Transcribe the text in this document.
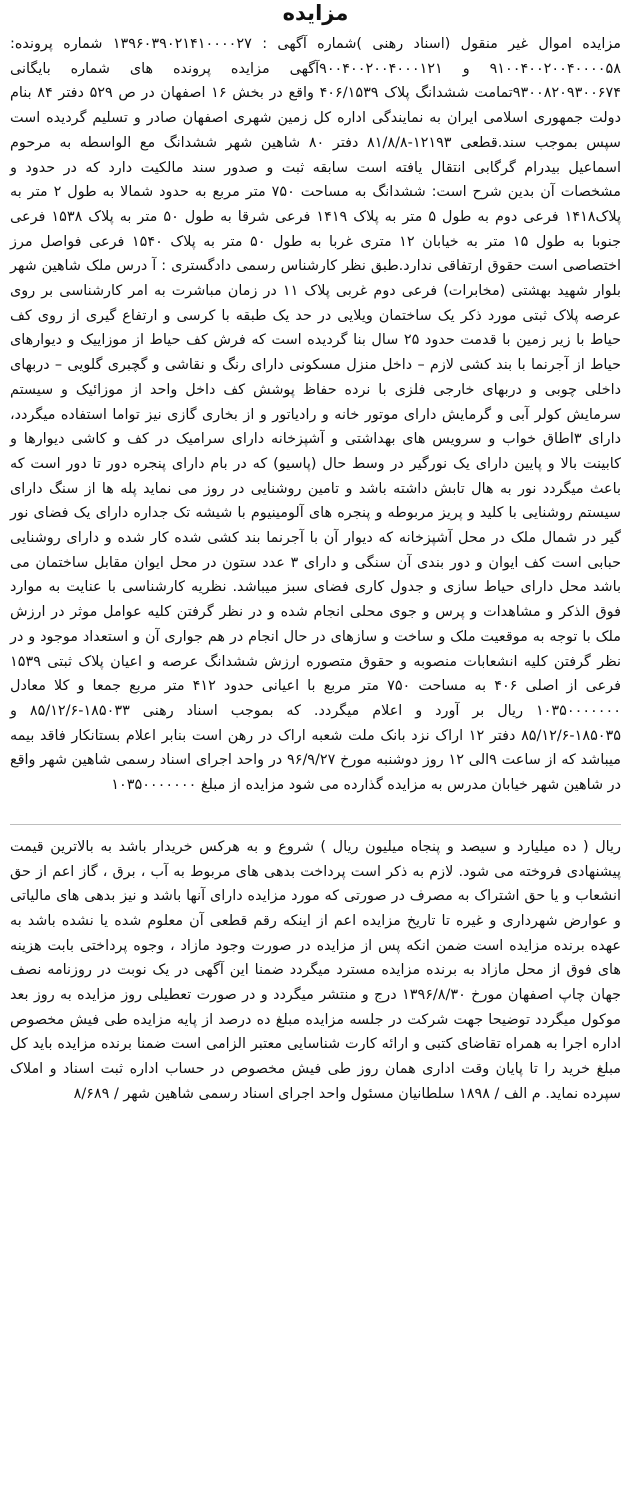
مزایده

مزایده اموال غیر منقول (اسناد رهنی )شماره آگهی : ۱۳۹۶۰۳۹۰۲۱۴۱۰۰۰۰۲۷ شماره پرونده: ۹۱۰۰۴۰۰۲۰۰۴۰۰۰۰۵۸ و ۹۰۰۴۰۰۲۰۰۴۰۰۰۱۲۱آگهی مزایده پرونده های شماره بایگانی ۹۳۰۰۸۲۰۹۳۰۰۶۷۴تمامت ششدانگ پلاک ۴۰۶/۱۵۳۹ واقع در بخش ۱۶ اصفهان در ص ۵۲۹ دفتر ۸۴ بنام دولت جمهوری اسلامی ایران به نمایندگی اداره کل زمین شهری اصفهان صادر و تسلیم گردیده است سپس بموجب سند.قطعی ۱۲۱۹۳-۸۱/۸/۸ دفتر ۸۰ شاهین شهر ششدانگ مع الواسطه به مرحوم اسماعیل بیدرام گرگابی انتقال یافته است سابقه ثبت و صدور سند مالکیت دارد که در حدود و مشخصات آن بدین شرح است: ششدانگ به مساحت ۷۵۰ متر مربع به حدود شمالا به طول ۲ متر به پلاک۱۴۱۸ فرعی دوم به طول ۵ متر به پلاک ۱۴۱۹ فرعی شرقا به طول ۵۰ متر به پلاک ۱۵۳۸ فرعی جنوبا به طول ۱۵ متر به خیابان ۱۲ متری غربا به طول ۵۰ متر به پلاک ۱۵۴۰ فرعی فواصل مرز اختصاصی است حقوق ارتفاقی ندارد.طبق نظر کارشناس رسمی دادگستری : آ درس ملک شاهین شهر بلوار شهید بهشتی (مخابرات) فرعی دوم غربی پلاک ۱۱ در زمان مباشرت به امر کارشناسی بر روی عرصه پلاک ثبتی مورد ذکر یک ساختمان ویلایی در حد یک طبقه با کرسی و ارتفاع گیری از روی کف حیاط با زیر زمین با قدمت حدود ۲۵ سال بنا گردیده است که فرش کف حیاط از موزاییک و دیوارهای حیاط از آجرنما با بند کشی لازم – داخل منزل مسکونی دارای رنگ و نقاشی و گچبری گلویی – دربهای داخلی چوبی و دربهای خارجی فلزی با نرده حفاظ پوشش کف داخل واحد از موزائیک و سیستم سرمایش کولر آبی و گرمایش دارای موتور خانه و رادیاتور و از بخاری گازی نیز تواما استفاده میگردد، دارای ۳اطاق خواب و سرویس های بهداشتی و آشپزخانه دارای سرامیک در کف و کاشی دیوارها و کابینت بالا و پایین دارای یک نورگیر در وسط حال (پاسیو) که در بام دارای پنجره دور تا دور است که باعث میگردد نور به هال تابش داشته باشد و تامین روشنایی در روز می نماید پله ها از سنگ دارای سیستم روشنایی با کلید و پریز مربوطه و پنجره های آلومینیوم با شیشه تک جداره دارای یک فضای نور گیر در شمال ملک در محل آشپزخانه که دیوار آن با آجرنما بند کشی شده کار شده و دارای روشنایی حبابی است کف ایوان و دور بندی آن سنگی و دارای ۳ عدد ستون در محل ایوان مقابل ساختمان می باشد محل دارای حیاط سازی و جدول کاری فضای سبز میباشد. نظریه کارشناسی با عنایت به موارد فوق الذکر و مشاهدات و پرس و جوی محلی انجام شده و در نظر گرفتن کلیه عوامل موثر در ارزش ملک با توجه به موقعیت ملک و ساخت و سازهای در حال انجام در هم جواری آن و استعداد موجود و در نظر گرفتن کلیه انشعابات منصوبه و حقوق متصوره ارزش ششدانگ عرصه و اعیان پلاک ثبتی ۱۵۳۹ فرعی از اصلی ۴۰۶ به مساحت ۷۵۰ متر مربع با اعیانی حدود ۴۱۲ متر مربع جمعا و کلا معادل ۱۰۳۵۰۰۰۰۰۰۰ ریال بر آورد و اعلام میگردد. که بموجب اسناد رهنی ۱۸۵۰۳۳-۸۵/۱۲/۶ و ۱۸۵۰۳۵-۸۵/۱۲/۶ دفتر ۱۲ اراک نزد بانک ملت شعبه اراک در رهن است بنابر اعلام بستانکار فاقد بیمه میباشد که از ساعت ۹الی ۱۲ روز دوشنبه مورخ ۹۶/۹/۲۷ در واحد اجرای اسناد رسمی شاهین شهر واقع در شاهین شهر خیابان مدرس به مزایده گذارده می شود مزایده از مبلغ ۱۰۳۵۰۰۰۰۰۰۰

ریال ( ده میلیارد و سیصد و پنجاه میلیون ریال ) شروع و به هرکس خریدار باشد به بالاترین قیمت پیشنهادی فروخته می شود. لازم به ذکر است پرداخت بدهی های مربوط به آب ، برق ، گاز اعم از حق انشعاب و یا حق اشتراک به مصرف در صورتی که مورد مزایده دارای آنها باشد و نیز بدهی های مالیاتی و عوارض شهرداری و غیره تا تاریخ مزایده اعم از اینکه رقم قطعی آن معلوم شده یا نشده باشد به عهده برنده مزایده است ضمن انکه پس از مزایده در صورت وجود مازاد ، وجوه پرداختی بابت هزینه های فوق از محل مازاد به برنده مزایده مسترد میگردد ضمنا این آگهی در یک نوبت در روزنامه نصف جهان چاپ اصفهان مورخ ۱۳۹۶/۸/۳۰ درج و منتشر میگردد و در صورت تعطیلی روز مزایده به روز بعد موکول میگردد توضیحا جهت شرکت در جلسه مزایده مبلغ ده درصد از پایه مزایده طی فیش مخصوص اداره اجرا به همراه تقاضای کتبی و ارائه کارت شناسایی معتبر الزامی است ضمنا برنده مزایده باید کل مبلغ خرید را تا پایان وقت اداری همان روز طی فیش مخصوص در حساب اداره ثبت اسناد و املاک سپرده نماید. م الف / ۱۸۹۸ سلطانیان مسئول واحد اجرای اسناد رسمی شاهین شهر / ۸/۶۸۹
